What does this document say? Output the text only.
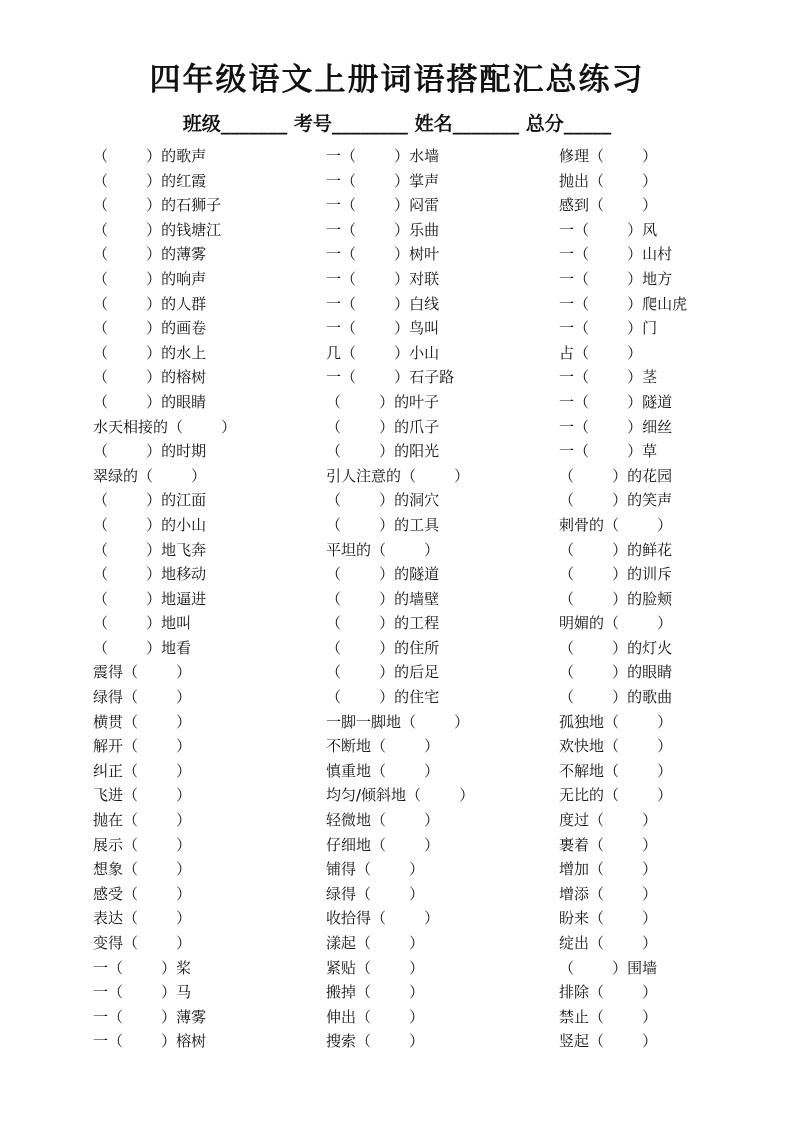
四年级语文上册词语搭配汇总练习
班级_______ 考号________ 姓名_______ 总分_____
（        ）的歌声
（        ）的红霞
（        ）的石狮子
（        ）的钱塘江
（        ）的薄雾
（        ）的响声
（        ）的人群
（        ）的画卷
（        ）的水上
（        ）的榕树
（        ）的眼睛
水天相接的（        ）
（        ）的时期
翠绿的（        ）
（        ）的江面
（        ）的小山
（        ）地飞奔
（        ）地移动
（        ）地逼进
（        ）地叫
（        ）地看
震得（        ）
绿得（        ）
横贯（        ）
解开（        ）
纠正（        ）
飞进（        ）
抛在（        ）
展示（        ）
想象（        ）
感受（        ）
表达（        ）
变得（        ）
一（        ）桨
一（        ）马
一（        ）薄雾
一（        ）榕树
一（        ）水墙
一（        ）掌声
一（        ）闷雷
一（        ）乐曲
一（        ）树叶
一（        ）对联
一（        ）白线
一（        ）鸟叫
几（        ）小山
一（        ）石子路
（        ）的叶子
（        ）的爪子
（        ）的阳光
引人注意的（        ）
（        ）的洞穴
（        ）的工具
平坦的（        ）
（        ）的隧道
（        ）的墙壁
（        ）的工程
（        ）的住所
（        ）的后足
（        ）的住宅
一脚一脚地（        ）
不断地（        ）
慎重地（        ）
均匀/倾斜地（        ）
轻微地（        ）
仔细地（        ）
铺得（        ）
绿得（        ）
收拾得（        ）
漾起（        ）
紧贴（        ）
搬掉（        ）
伸出（        ）
搜索（        ）
修理（        ）
抛出（        ）
感到（        ）
一（        ）风
一（        ）山村
一（        ）地方
一（        ）爬山虎
一（        ）门
占（        ）
一（        ）茎
一（        ）隧道
一（        ）细丝
一（        ）草
（        ）的花园
（        ）的笑声
刺骨的（        ）
（        ）的鲜花
（        ）的训斥
（        ）的脸颊
明媚的（        ）
（        ）的灯火
（        ）的眼睛
（        ）的歌曲
孤独地（        ）
欢快地（        ）
不解地（        ）
无比的（        ）
度过（        ）
裹着（        ）
增加（        ）
增添（        ）
盼来（        ）
绽出（        ）
（        ）围墙
排除（        ）
禁止（        ）
竖起（        ）
